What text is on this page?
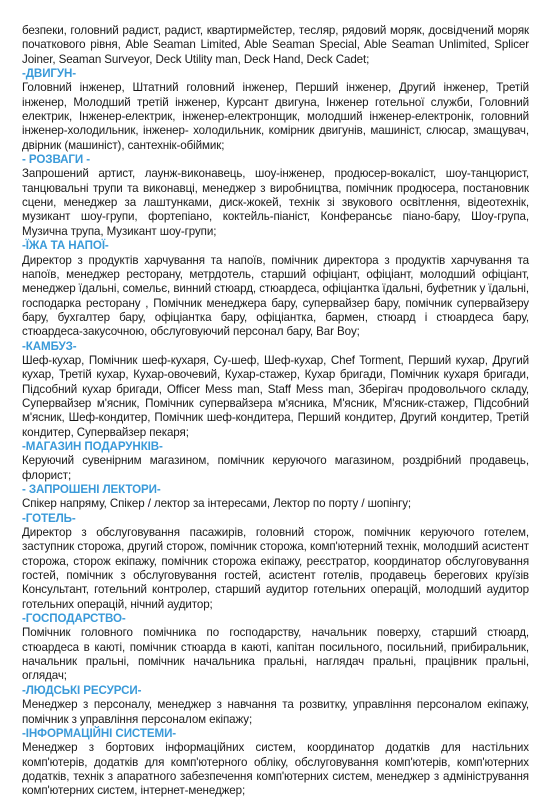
безпеки, головний радист, радист, квартирмейстер, тесляр, рядовий моряк, досвідчений моряк початкового рівня, Able Seaman Limited, Able Seaman Special, Able Seaman Unlimited, Splicer Joiner, Seaman Surveyor, Deck Utility man, Deck Hand, Deck Cadet;

-ДВИГУН-

Головний інженер, Штатний головний інженер, Перший інженер, Другий інженер, Третій інженер, Молодший третій інженер, Курсант двигуна, Інженер готельної служби, Головний електрик, Інженер-електрик, інженер-електронщик, молодший інженер-електронік, головний інженер-холодильник, інженер- холодильник, комірник двигунів, машиніст, слюсар, змащувач, двірник (машиніст), сантехнік-обіймик;

- РОЗВАГИ -

Запрошений артист, лаунж-виконавець, шоу-інженер, продюсер-вокаліст, шоу-танцюрист, танцювальні трупи та виконавці, менеджер з виробництва, помічник продюсера, постановник сцени, менеджер за лаштунками, диск-жокей, технік зі звукового освітлення, відеотехнік, музикант шоу-групи, фортепіано, коктейль-піаніст, Конферансьє піано-бару, Шоу-група, Музична трупа, Музикант шоу-групи;

-ЇЖА ТА НАПОЇ-

Директор з продуктів харчування та напоїв, помічник директора з продуктів харчування та напоїв, менеджер ресторану, метрдотель, старший офіціант, офіціант, молодший офіціант, менеджер їдальні, сомельє, винний стюард, стюардеса, офіціантка їдальні, буфетник у їдальні, господарка ресторану , Помічник менеджера бару, супервайзер бару, помічник супервайзеру бару, бухгалтер бару, офіціантка бару, офіціантка, бармен, стюард і стюардеса бару, стюардеса-закусочною, обслуговуючий персонал бару, Bar Boy;

-КАМБУЗ-

Шеф-кухар, Помічник шеф-кухаря, Су-шеф, Шеф-кухар, Chef Torment, Перший кухар, Другий кухар, Третій кухар, Кухар-овочевий, Кухар-стажер, Кухар бригади, Помічник кухаря бригади, Підсобний кухар бригади, Officer Mess man, Staff Mess man, Зберігач продовольчого складу, Супервайзер м'ясник, Помічник супервайзера м'ясника, М'ясник, М'ясник-стажер, Підсобний м'ясник, Шеф-кондитер, Помічник шеф-кондитера, Перший кондитер, Другий кондитер, Третій кондитер, Супервайзер пекаря;

-МАГАЗИН ПОДАРУНКІВ-

Керуючий сувенірним магазином, помічник керуючого магазином, роздрібний продавець, флорист;

- ЗАПРОШЕНІ ЛЕКТОРИ-

Спікер напряму, Спікер / лектор за інтересами, Лектор по порту / шопінгу;

-ГОТЕЛЬ-

Директор з обслуговування пасажирів, головний сторож, помічник керуючого готелем, заступник сторожа, другий сторож, помічник сторожа, комп'ютерний технік, молодший асистент сторожа, сторож екіпажу, помічник сторожа екіпажу, реєстратор, координатор обслуговування гостей, помічник з обслуговування гостей, асистент готелів, продавець берегових круїзів Консультант, готельний контролер, старший аудитор готельних операцій, молодший аудитор готельних операцій, нічний аудитор;

-ГОСПОДАРСТВО-

Помічник головного помічника по господарству, начальник поверху, старший стюард, стюардеса в каюті, помічник стюарда в каюті, капітан посильного, посильний, прибиральник, начальник пральні, помічник начальника пральні, наглядач пральні, працівник пральні, оглядач;

-ЛЮДСЬКІ РЕСУРСИ-

Менеджер з персоналу, менеджер з навчання та розвитку, управління персоналом екіпажу, помічник з управління персоналом екіпажу;

-ІНФОРМАЦІЙНІ СИСТЕМИ-

Менеджер з бортових інформаційних систем, координатор додатків для настільних комп'ютерів, додатків для комп'ютерного обліку, обслуговування комп'ютерів, комп'ютерних додатків, технік з апаратного забезпечення комп'ютерних систем, менеджер з адміністрування комп'ютерних систем, інтернет-менеджер;
